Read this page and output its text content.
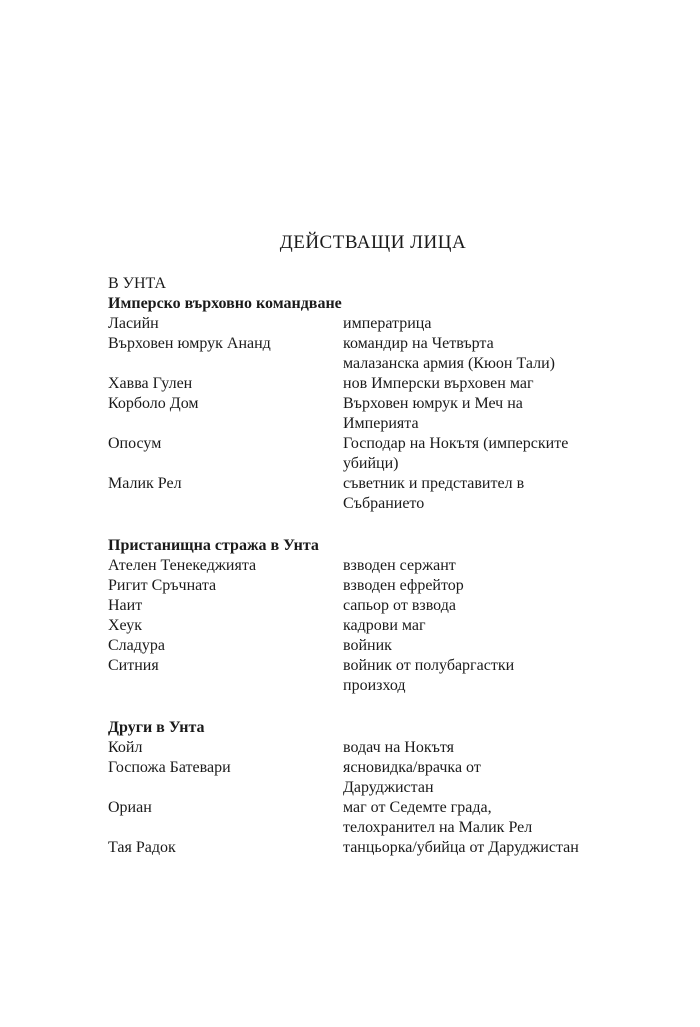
ДЕЙСТВАЩИ ЛИЦА
В УНТА
Имперско върховно командване
Ласийн	императрица
Върховен юмрук Ананд	командир на Четвърта
малазанска армия (Кюон Тали)
Хавва Гулен	нов Имперски върховен маг
Корболо Дом	Върховен юмрук и Меч на
Империята
Опосум	Господар на Нокътя (имперските
убийци)
Малик Рел	съветник и представител в
Събранието
Пристанищна стража в Унта
Ателен Тенекеджията	взводен сержант
Ригит Сръчната	взводен ефрейтор
Наит	сапьор от взвода
Хеук	кадрови маг
Сладура	войник
Ситния	войник от полубаргастки
произход
Други в Унта
Койл	водач на Нокътя
Госпожа Батевари	ясновидка/врачка от
Даруджистан
Ориан	маг от Седемте града,
телохранител на Малик Рел
Тая Радок	танцьорка/убийца от Даруджистан
